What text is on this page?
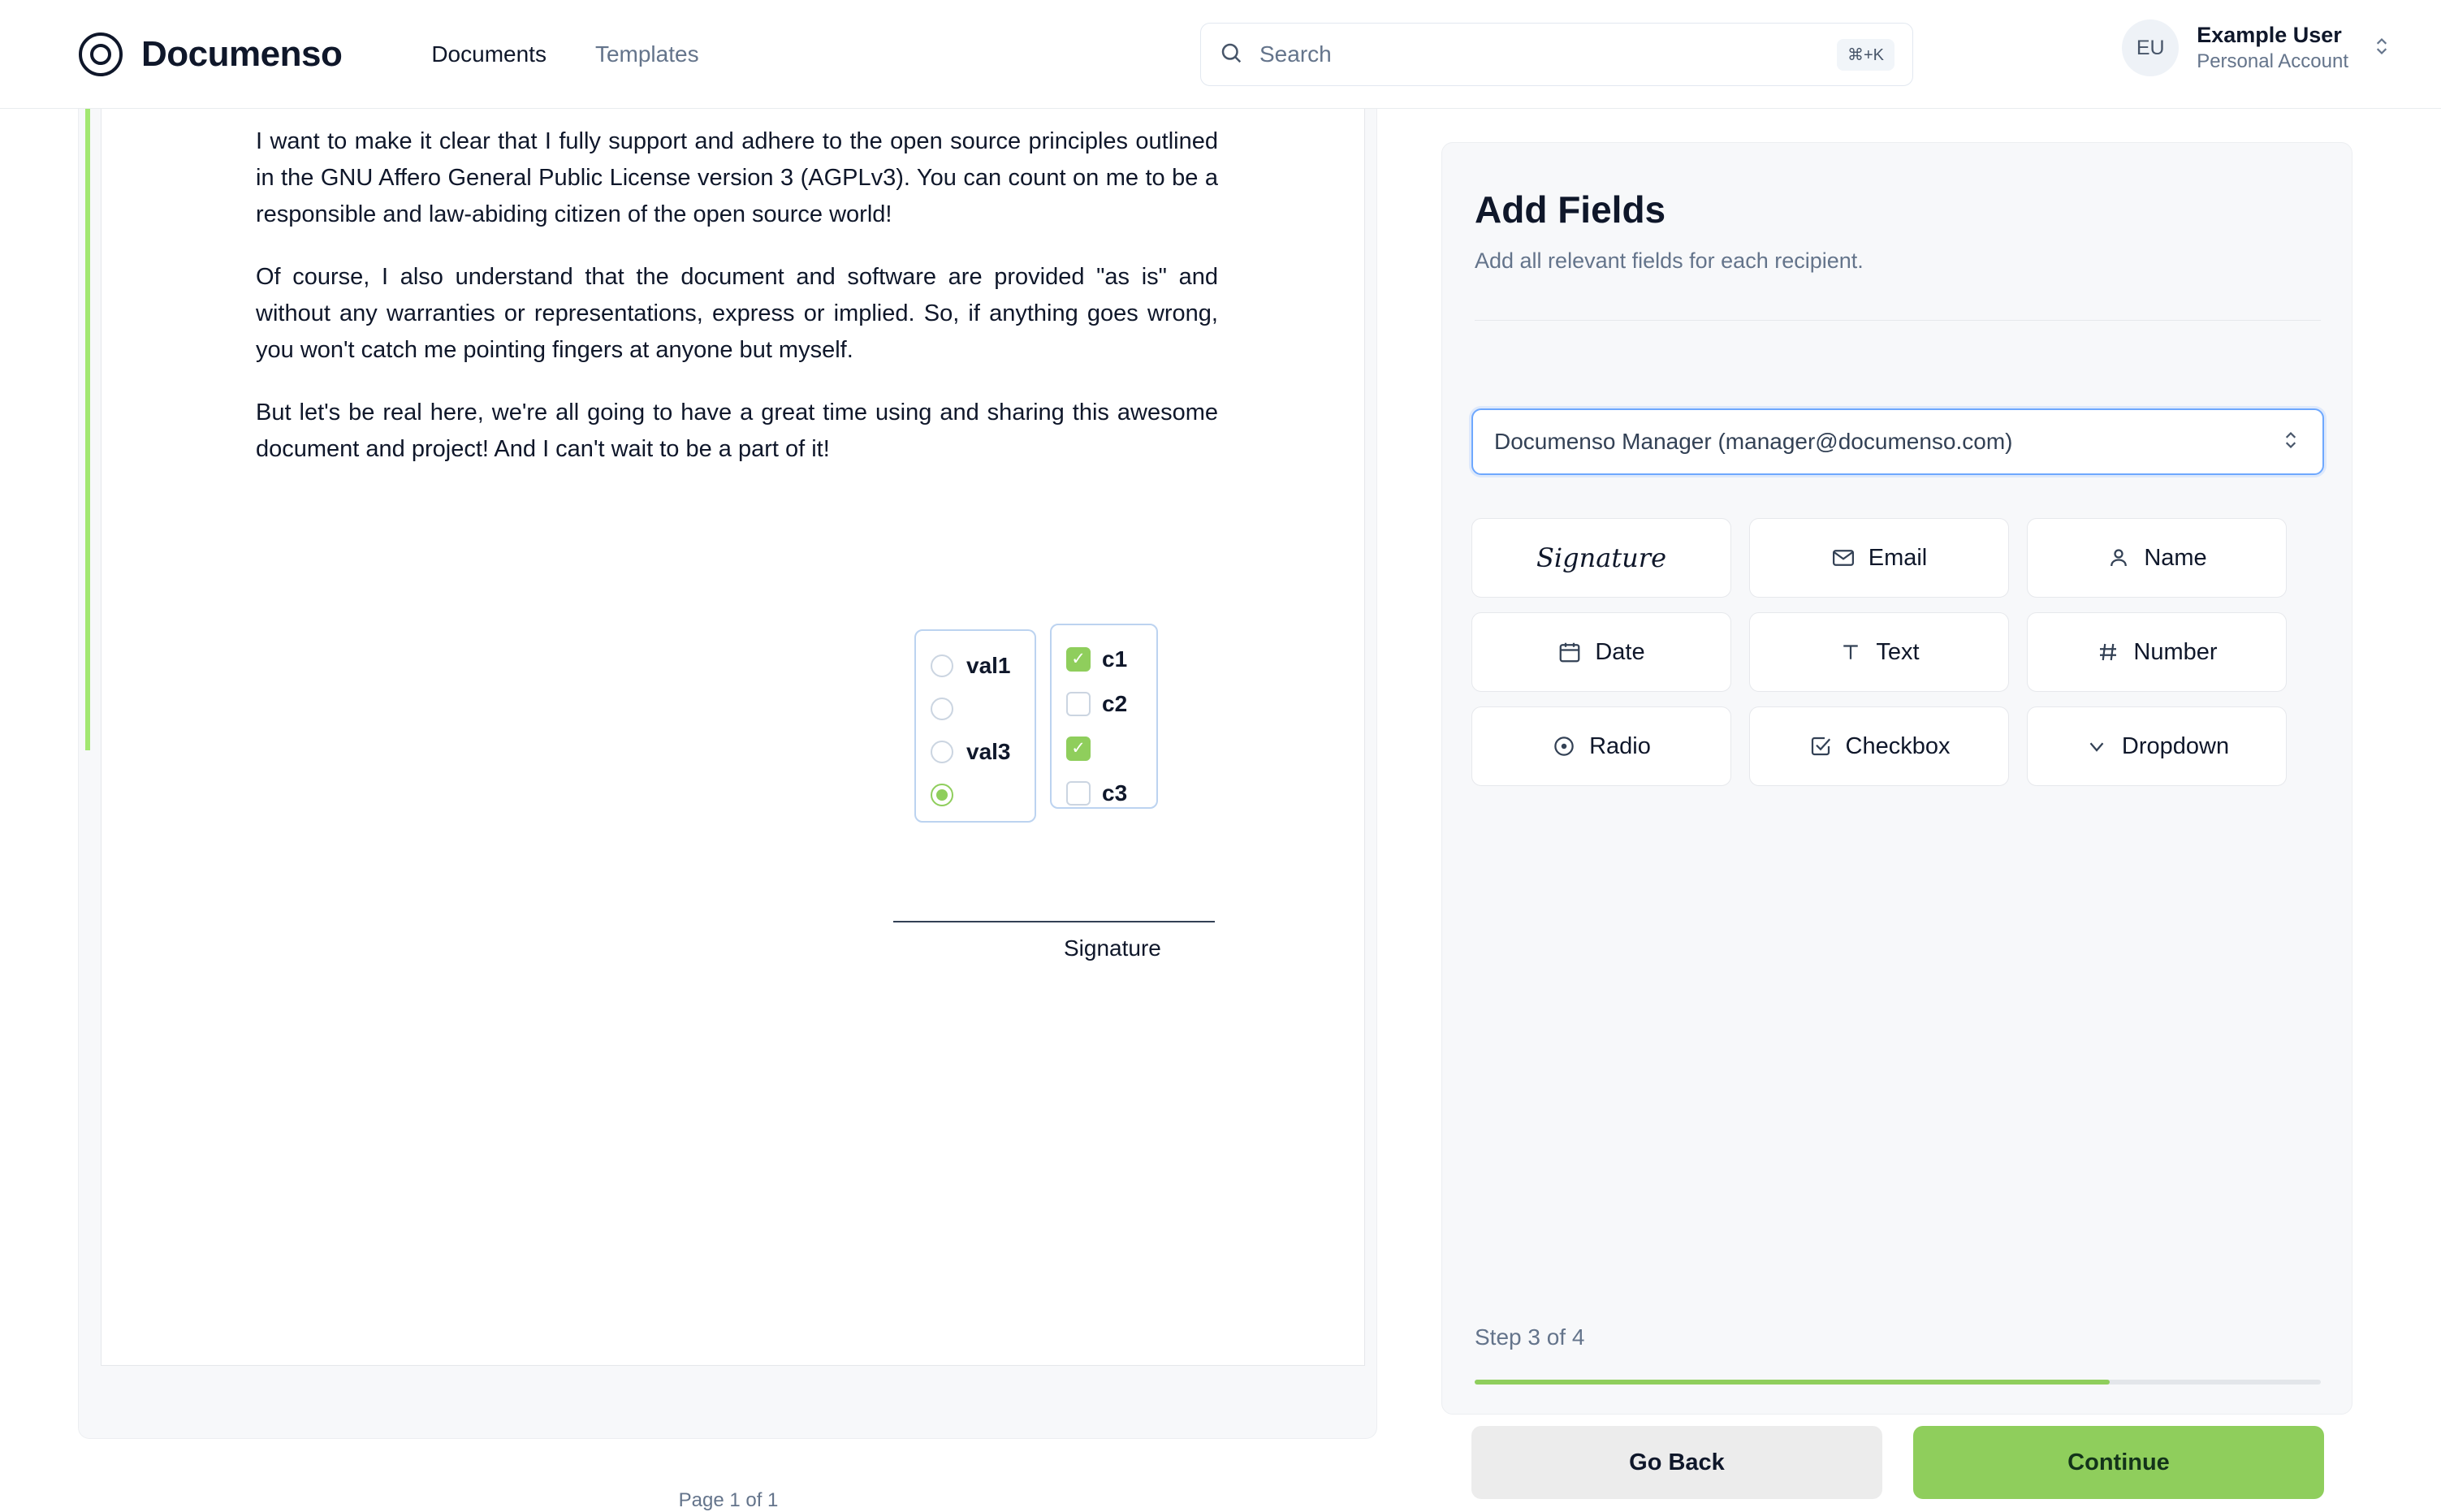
Documenso	Documents Templates	Search	⌘+K	EU
Example User
Personal Account

I want to make it clear that I fully support and adhere to the open source principles outlined in the GNU Affero General Public License version 3 (AGPLv3). You can count on me to be a responsible and law-abiding citizen of the open source world!

Of course, I also understand that the document and software are provided "as is" and without any warranties or representations, express or implied. So, if anything goes wrong, you won't catch me pointing fingers at anyone but myself.

But let's be real here, we're all going to have a great time using and sharing this awesome document and project! And I can't wait to be a part of it!

val1
val3
✓ c1
c2
✓
c3
Signature
Page 1 of 1
Add Fields
Add all relevant fields for each recipient.
Documenso Manager (manager@documenso.com)
Signature	Email	Name
Date	Text	Number
Radio	Checkbox	Dropdown
Step 3 of 4
Go Back	Continue
